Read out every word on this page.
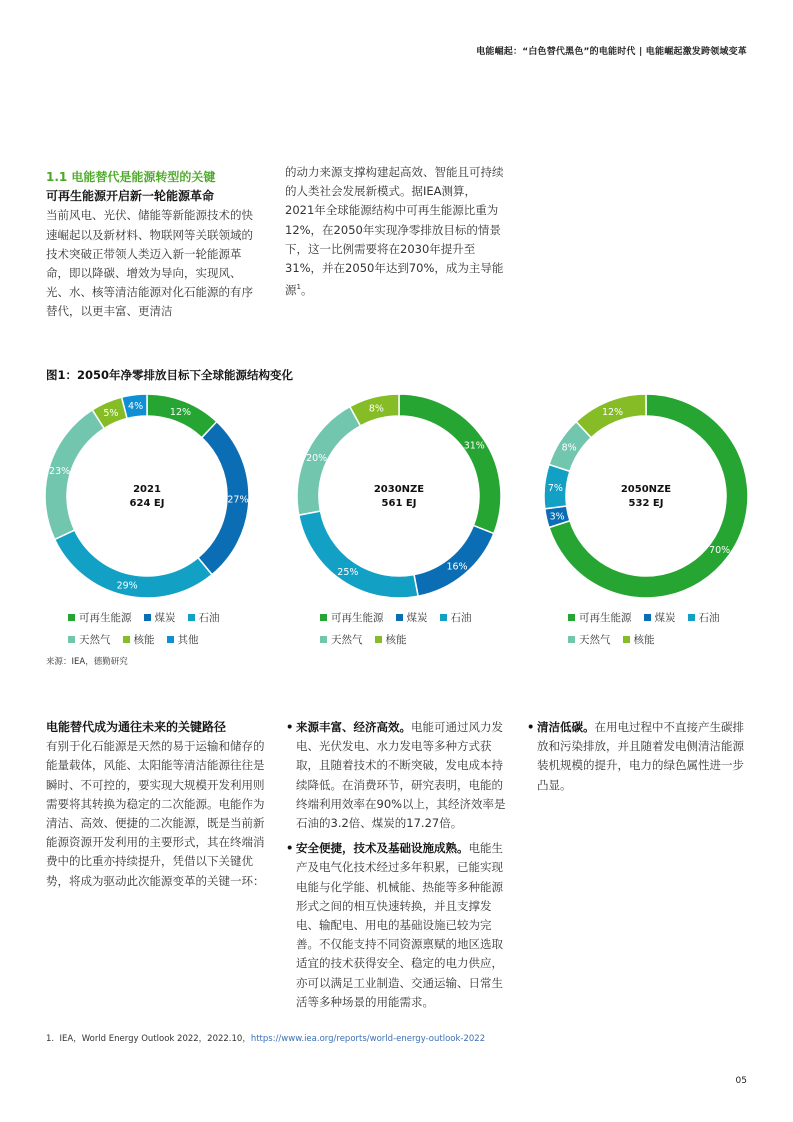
电能崛起：“白色替代黑色”的电能时代 | 电能崛起激发跨领域变革
1.1 电能替代是能源转型的关键
可再生能源开启新一轮能源革命
当前风电、光伏、储能等新能源技术的快速崛起以及新材料、物联网等关联领域的技术突破正带领人类迈入新一轮能源革命，即以降碳、增效为导向，实现风、光、水、核等清洁能源对化石能源的有序替代，以更丰富、更清洁
的动力来源支撑构建起高效、智能且可持续的人类社会发展新模式。据IEA测算，2021年全球能源结构中可再生能源比重为12%，在2050年实现净零排放目标的情景下，这一比例需要将在2030年提升至31%，并在2050年达到70%，成为主导能源$^1$。
图1：2050年净零排放目标下全球能源结构变化
12%
27%
29%
23%
5%
4%
2021
624 EJ
31%
16%
25%
20%
8%
2030NZE
561 EJ
70%
3%
7%
8%
12%
2050NZE
532 EJ
可再生能源 煤炭 石油
天然气 核能 其他
可再生能源 煤炭 石油
天然气 核能
可再生能源 煤炭 石油
天然气 核能
来源：IEA，德勤研究
电能替代成为通往未来的关键路径
有别于化石能源是天然的易于运输和储存的能量载体，风能、太阳能等清洁能源往往是瞬时、不可控的，要实现大规模开发利用则需要将其转换为稳定的二次能源。电能作为清洁、高效、便捷的二次能源，既是当前新能源资源开发利用的主要形式，其在终端消费中的比重亦持续提升，凭借以下关键优势，将成为驱动此次能源变革的关键一环：
• 来源丰富、经济高效。电能可通过风力发电、光伏发电、水力发电等多种方式获取，且随着技术的不断突破，发电成本持续降低。在消费环节，研究表明，电能的终端利用效率在90%以上，其经济效率是石油的3.2倍、煤炭的17.27倍。
• 安全便捷，技术及基础设施成熟。电能生产及电气化技术经过多年积累，已能实现电能与化学能、机械能、热能等多种能源形式之间的相互快速转换，并且支撑发电、输配电、用电的基础设施已较为完善。不仅能支持不同资源禀赋的地区选取适宜的技术获得安全、稳定的电力供应，亦可以满足工业制造、交通运输、日常生活等多种场景的用能需求。
• 清洁低碳。在用电过程中不直接产生碳排放和污染排放，并且随着发电侧清洁能源装机规模的提升，电力的绿色属性进一步凸显。
1. IEA，World Energy Outlook 2022，2022.10，https://www.iea.org/reports/world-energy-outlook-2022
05
